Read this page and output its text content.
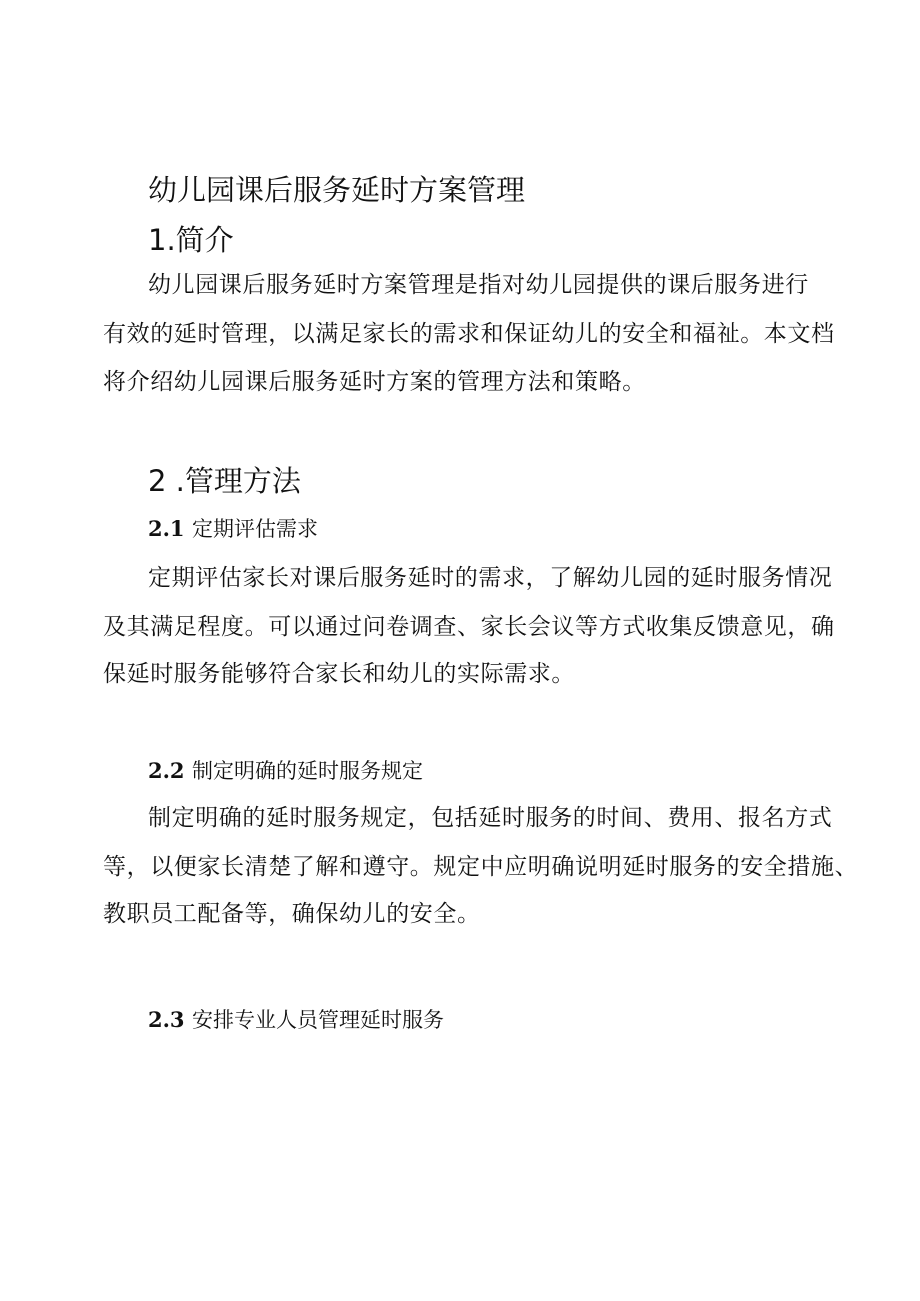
幼儿园课后服务延时方案管理
1.简介
幼儿园课后服务延时方案管理是指对幼儿园提供的课后服务进行
有效的延时管理，以满足家长的需求和保证幼儿的安全和福祉。本文档
将介绍幼儿园课后服务延时方案的管理方法和策略。
2 .管理方法
2.1 定期评估需求
定期评估家长对课后服务延时的需求，了解幼儿园的延时服务情况
及其满足程度。可以通过问卷调查、家长会议等方式收集反馈意见，确
保延时服务能够符合家长和幼儿的实际需求。
2.2 制定明确的延时服务规定
制定明确的延时服务规定，包括延时服务的时间、费用、报名方式
等，以便家长清楚了解和遵守。规定中应明确说明延时服务的安全措施、
教职员工配备等，确保幼儿的安全。
2.3 安排专业人员管理延时服务
